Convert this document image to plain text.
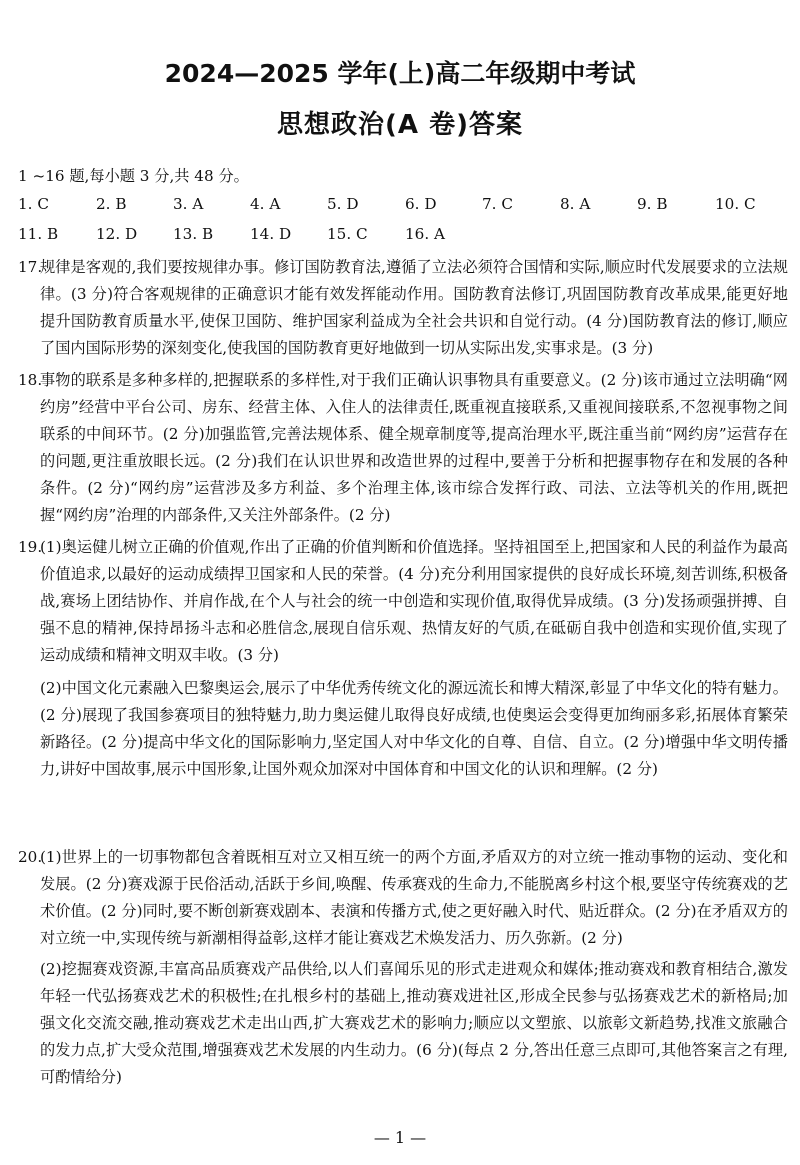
2024—2025 学年(上)高二年级期中考试
思想政治(A 卷)答案
1 ~16 题,每小题 3 分,共 48 分。
1. C	2. B	3. A	4. A	5. D	6. D	7. C	8. A	9. B	10. C
11. B 12. D 13. B 14. D 15. C 16. A
17.
规律是客观的,我们要按规律办事。修订国防教育法,遵循了立法必须符合国情和实际,顺应时代发展要求的立法规律。(3 分)符合客观规律的正确意识才能有效发挥能动作用。国防教育法修订,巩固国防教育改革成果,能更好地提升国防教育质量水平,使保卫国防、维护国家利益成为全社会共识和自觉行动。(4 分)国防教育法的修订,顺应了国内国际形势的深刻变化,使我国的国防教育更好地做到一切从实际出发,实事求是。(3 分)
18.
事物的联系是多种多样的,把握联系的多样性,对于我们正确认识事物具有重要意义。(2 分)该市通过立法明确“网约房”经营中平台公司、房东、经营主体、入住人的法律责任,既重视直接联系,又重视间接联系,不忽视事物之间联系的中间环节。(2 分)加强监管,完善法规体系、健全规章制度等,提高治理水平,既注重当前“网约房”运营存在的问题,更注重放眼长远。(2 分)我们在认识世界和改造世界的过程中,要善于分析和把握事物存在和发展的各种条件。(2 分)“网约房”运营涉及多方利益、多个治理主体,该市综合发挥行政、司法、立法等机关的作用,既把握“网约房”治理的内部条件,又关注外部条件。(2 分)
19.
(1)奥运健儿树立正确的价值观,作出了正确的价值判断和价值选择。坚持祖国至上,把国家和人民的利益作为最高价值追求,以最好的运动成绩捍卫国家和人民的荣誉。(4 分)充分利用国家提供的良好成长环境,刻苦训练,积极备战,赛场上团结协作、并肩作战,在个人与社会的统一中创造和实现价值,取得优异成绩。(3 分)发扬顽强拼搏、自强不息的精神,保持昂扬斗志和必胜信念,展现自信乐观、热情友好的气质,在砥砺自我中创造和实现价值,实现了运动成绩和精神文明双丰收。(3 分)
(2)中国文化元素融入巴黎奥运会,展示了中华优秀传统文化的源远流长和博大精深,彰显了中华文化的特有魅力。(2 分)展现了我国参赛项目的独特魅力,助力奥运健儿取得良好成绩,也使奥运会变得更加绚丽多彩,拓展体育繁荣新路径。(2 分)提高中华文化的国际影响力,坚定国人对中华文化的自尊、自信、自立。(2 分)增强中华文明传播力,讲好中国故事,展示中国形象,让国外观众加深对中国体育和中国文化的认识和理解。(2 分)
20.
(1)世界上的一切事物都包含着既相互对立又相互统一的两个方面,矛盾双方的对立统一推动事物的运动、变化和发展。(2 分)赛戏源于民俗活动,活跃于乡间,唤醒、传承赛戏的生命力,不能脱离乡村这个根,要坚守传统赛戏的艺术价值。(2 分)同时,要不断创新赛戏剧本、表演和传播方式,使之更好融入时代、贴近群众。(2 分)在矛盾双方的对立统一中,实现传统与新潮相得益彰,这样才能让赛戏艺术焕发活力、历久弥新。(2 分)
(2)挖掘赛戏资源,丰富高品质赛戏产品供给,以人们喜闻乐见的形式走进观众和媒体;推动赛戏和教育相结合,激发年轻一代弘扬赛戏艺术的积极性;在扎根乡村的基础上,推动赛戏进社区,形成全民参与弘扬赛戏艺术的新格局;加强文化交流交融,推动赛戏艺术走出山西,扩大赛戏艺术的影响力;顺应以文塑旅、以旅彰文新趋势,找准文旅融合的发力点,扩大受众范围,增强赛戏艺术发展的内生动力。(6 分)(每点 2 分,答出任意三点即可,其他答案言之有理,可酌情给分)
— 1 —
